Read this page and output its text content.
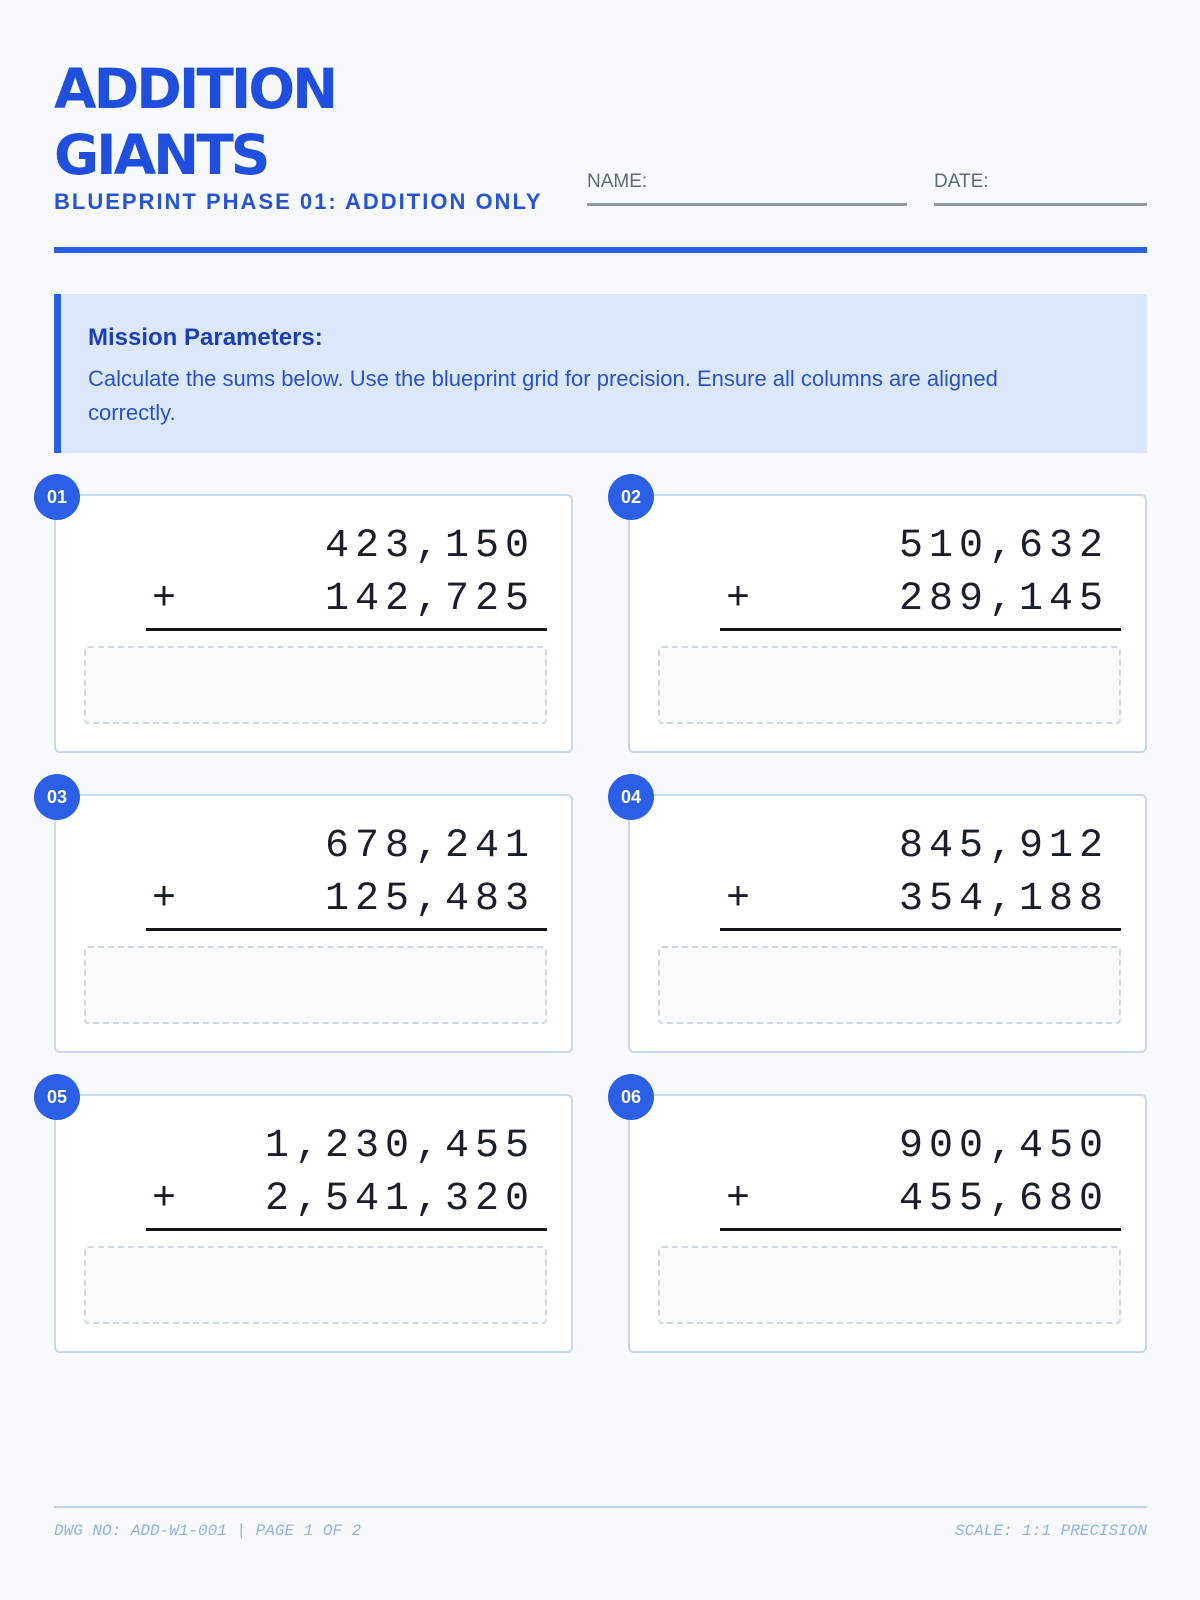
ADDITION
GIANTS
BLUEPRINT PHASE 01: ADDITION ONLY
NAME:	DATE:
Mission Parameters:

Calculate the sums below. Use the blueprint grid for precision. Ensure all columns are aligned correctly.

01
423,150
+	142,725
02
510,632
+	289,145
03
678,241
+	125,483
04
845,912
+	354,188
05
1,230,455
+ 2,541,320
06
900,450
+	455,680
DWG NO: ADD-W1-001 | PAGE 1 OF 2	SCALE: 1:1 PRECISION
